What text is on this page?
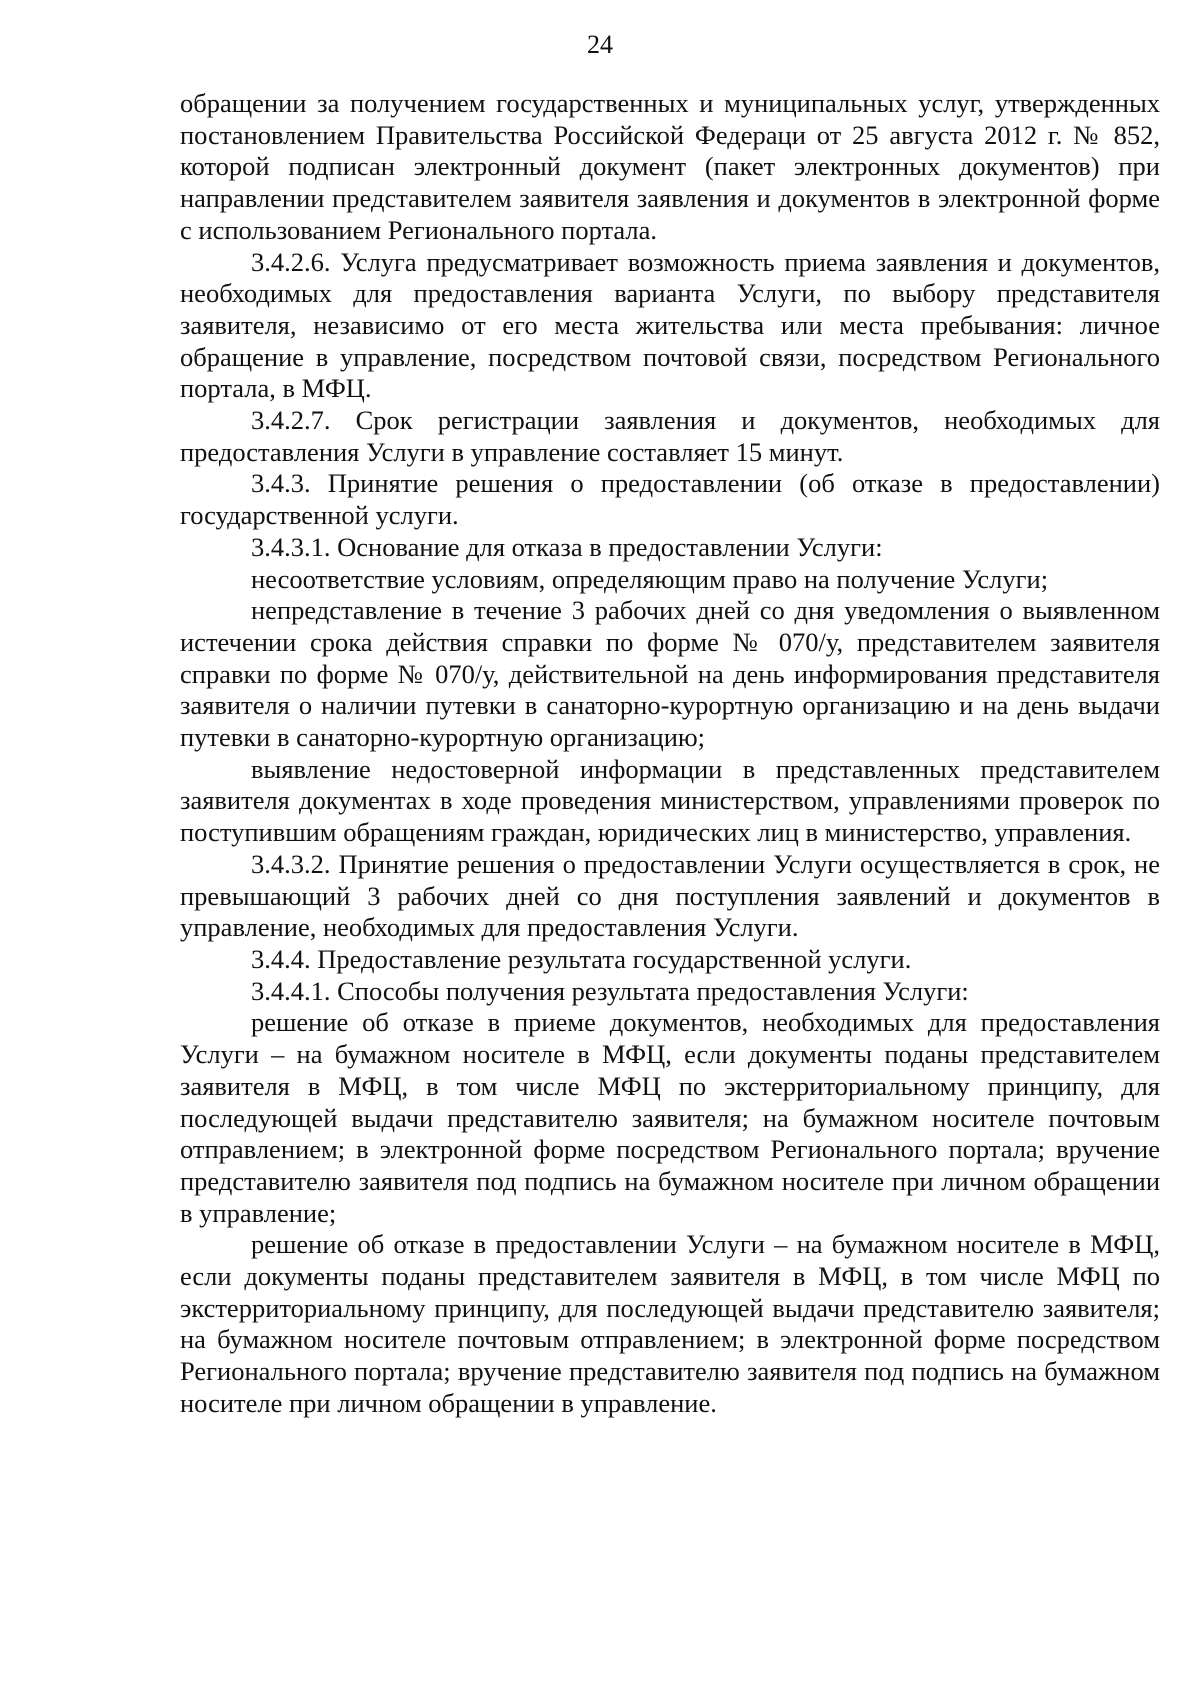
24

обращении за получением государственных и муниципальных услуг, утвержденных постановлением Правительства Российской Федераци от 25 августа 2012 г. № 852, которой подписан электронный документ (пакет электронных документов) при направлении представителем заявителя заявления и документов в электронной форме с использованием Регионального портала.

3.4.2.6. Услуга предусматривает возможность приема заявления и документов, необходимых для предоставления варианта Услуги, по выбору представителя заявителя, независимо от его места жительства или места пребывания: личное обращение в управление, посредством почтовой связи, посредством Регионального портала, в МФЦ.

3.4.2.7. Срок регистрации заявления и документов, необходимых для предоставления Услуги в управление составляет 15 минут.

3.4.3. Принятие решения о предоставлении (об отказе в предоставлении) государственной услуги.

3.4.3.1. Основание для отказа в предоставлении Услуги:

несоответствие условиям, определяющим право на получение Услуги;

непредставление в течение 3 рабочих дней со дня уведомления о выявленном истечении срока действия справки по форме № 070/у, представителем заявителя справки по форме № 070/у, действительной на день информирования представителя заявителя о наличии путевки в санаторно-курортную организацию и на день выдачи путевки в санаторно-курортную организацию;

выявление недостоверной информации в представленных представителем заявителя документах в ходе проведения министерством, управлениями проверок по поступившим обращениям граждан, юридических лиц в министерство, управления.

3.4.3.2. Принятие решения о предоставлении Услуги осуществляется в срок, не превышающий 3 рабочих дней со дня поступления заявлений и документов в управление, необходимых для предоставления Услуги.

3.4.4. Предоставление результата государственной услуги.

3.4.4.1. Способы получения результата предоставления Услуги:

решение об отказе в приеме документов, необходимых для предоставления Услуги – на бумажном носителе в МФЦ, если документы поданы представителем заявителя в МФЦ, в том числе МФЦ по экстерриториальному принципу, для последующей выдачи представителю заявителя; на бумажном носителе почтовым отправлением; в электронной форме посредством Регионального портала; вручение представителю заявителя под подпись на бумажном носителе при личном обращении в управление;

решение об отказе в предоставлении Услуги – на бумажном носителе в МФЦ, если документы поданы представителем заявителя в МФЦ, в том числе МФЦ по экстерриториальному принципу, для последующей выдачи представителю заявителя; на бумажном носителе почтовым отправлением; в электронной форме посредством Регионального портала; вручение представителю заявителя под подпись на бумажном носителе при личном обращении в управление.
